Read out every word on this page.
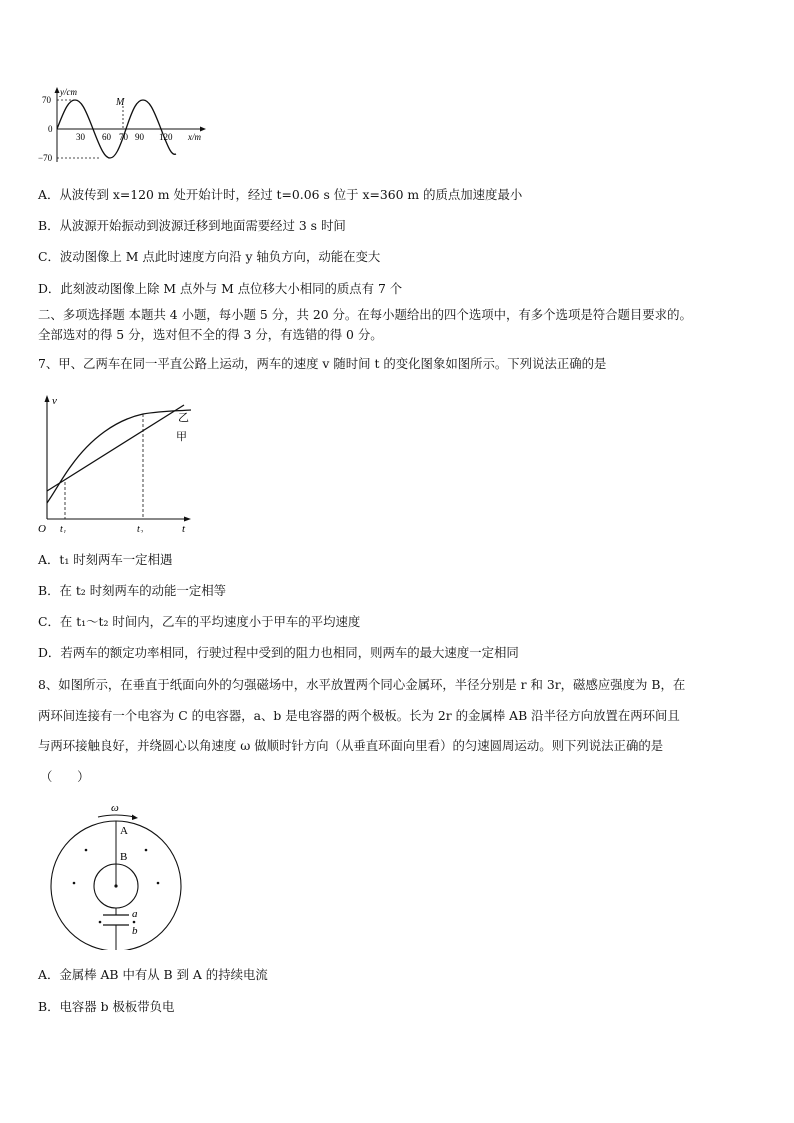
y/cm
70
0
−70
30 60 70 90 120 x/m
M
A．从波传到 x=120 m 处开始计时，经过 t=0.06 s 位于 x=360 m 的质点加速度最小
B．从波源开始振动到波源迁移到地面需要经过 3 s 时间
C．波动图像上 M 点此时速度方向沿 y 轴负方向，动能在变大
D．此刻波动图像上除 M 点外与 M 点位移大小相同的质点有 7 个
二、多项选择题 本题共 4 小题，每小题 5 分，共 20 分。在每小题给出的四个选项中，有多个选项是符合题目要求的。
全部选对的得 5 分，选对但不全的得 3 分，有选错的得 0 分。
7、甲、乙两车在同一平直公路上运动，两车的速度 v 随时间 t 的变化图象如图所示。下列说法正确的是
v
t
O t₁	t₂
乙
甲
A．t₁ 时刻两车一定相遇
B．在 t₂ 时刻两车的动能一定相等
C．在 t₁～t₂ 时间内，乙车的平均速度小于甲车的平均速度
D．若两车的额定功率相同，行驶过程中受到的阻力也相同，则两车的最大速度一定相同
8、如图所示，在垂直于纸面向外的匀强磁场中，水平放置两个同心金属环，半径分别是 r 和 3r，磁感应强度为 B，在
两环间连接有一个电容为 C 的电容器，a、b 是电容器的两个极板。长为 2r 的金属棒 AB 沿半径方向放置在两环间且
与两环接触良好，并绕圆心以角速度 ω 做顺时针方向（从垂直环面向里看）的匀速圆周运动。则下列说法正确的是
（　　）
ω
A
B
a
b
A．金属棒 AB 中有从 B 到 A 的持续电流
B．电容器 b 极板带负电
